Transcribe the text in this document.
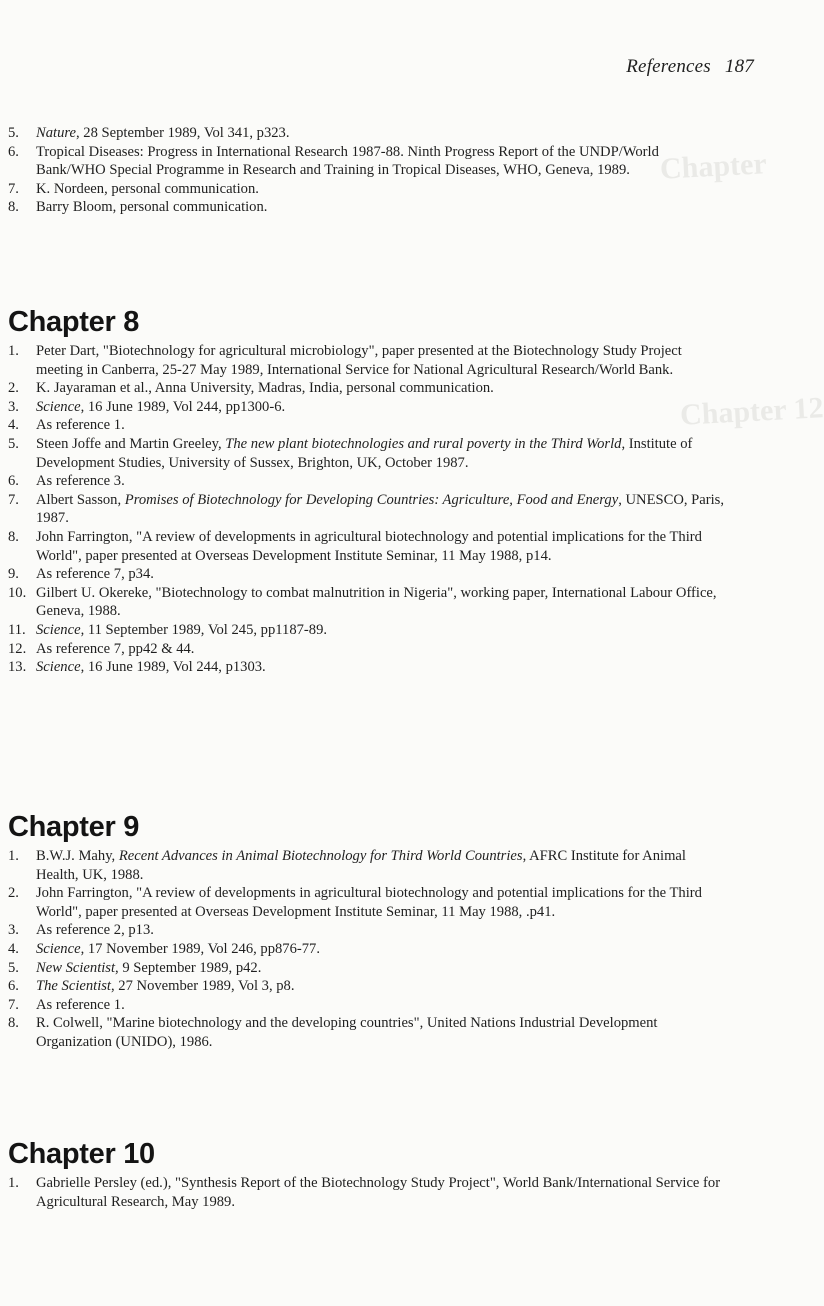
Chapter
Chapter 12
References 187
5. Nature, 28 September 1989, Vol 341, p323.
6. Tropical Diseases: Progress in International Research 1987-88. Ninth Progress Report of the UNDP/World Bank/WHO Special Programme in Research and Training in Tropical Diseases, WHO, Geneva, 1989.
7. K. Nordeen, personal communication.
8. Barry Bloom, personal communication.
Chapter 8
1. Peter Dart, "Biotechnology for agricultural microbiology", paper presented at the Biotechnology Study Project meeting in Canberra, 25-27 May 1989, International Service for National Agricultural Research/World Bank.
2. K. Jayaraman et al., Anna University, Madras, India, personal communication.
3. Science, 16 June 1989, Vol 244, pp1300-6.
4. As reference 1.
5. Steen Joffe and Martin Greeley, The new plant biotechnologies and rural poverty in the Third World, Institute of Development Studies, University of Sussex, Brighton, UK, October 1987.
6. As reference 3.
7. Albert Sasson, Promises of Biotechnology for Developing Countries: Agriculture, Food and Energy, UNESCO, Paris, 1987.
8. John Farrington, "A review of developments in agricultural biotechnology and potential implications for the Third World", paper presented at Overseas Development Institute Seminar, 11 May 1988, p14.
9. As reference 7, p34.
10. Gilbert U. Okereke, "Biotechnology to combat malnutrition in Nigeria", working paper, International Labour Office, Geneva, 1988.
11. Science, 11 September 1989, Vol 245, pp1187-89.
12. As reference 7, pp42 & 44.
13. Science, 16 June 1989, Vol 244, p1303.
Chapter 9
1. B.W.J. Mahy, Recent Advances in Animal Biotechnology for Third World Countries, AFRC Institute for Animal Health, UK, 1988.
2. John Farrington, "A review of developments in agricultural biotechnology and potential implications for the Third World", paper presented at Overseas Development Institute Seminar, 11 May 1988, .p41.
3. As reference 2, p13.
4. Science, 17 November 1989, Vol 246, pp876-77.
5. New Scientist, 9 September 1989, p42.
6. The Scientist, 27 November 1989, Vol 3, p8.
7. As reference 1.
8. R. Colwell, "Marine biotechnology and the developing countries", United Nations Industrial Development Organization (UNIDO), 1986.
Chapter 10
1. Gabrielle Persley (ed.), "Synthesis Report of the Biotechnology Study Project", World Bank/International Service for Agricultural Research, May 1989.
